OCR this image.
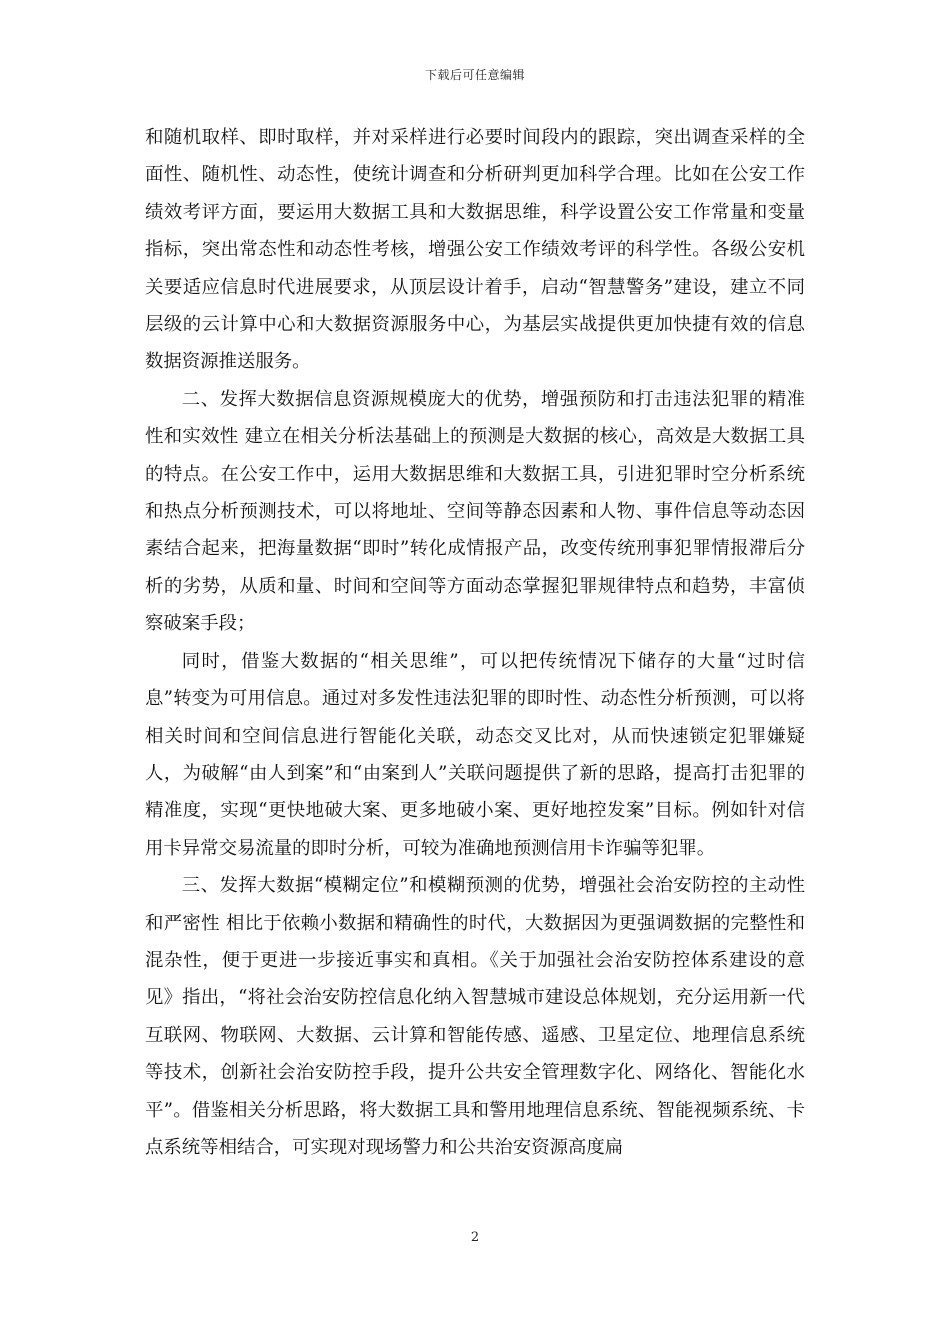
下载后可任意编辑

和随机取样、即时取样，并对采样进行必要时间段内的跟踪，突出调查采样的全面性、随机性、动态性，使统计调查和分析研判更加科学合理。比如在公安工作绩效考评方面，要运用大数据工具和大数据思维，科学设置公安工作常量和变量指标，突出常态性和动态性考核，增强公安工作绩效考评的科学性。各级公安机关要适应信息时代进展要求，从顶层设计着手，启动“智慧警务”建设，建立不同层级的云计算中心和大数据资源服务中心，为基层实战提供更加快捷有效的信息数据资源推送服务。

二、发挥大数据信息资源规模庞大的优势，增强预防和打击违法犯罪的精准性和实效性 建立在相关分析法基础上的预测是大数据的核心，高效是大数据工具的特点。在公安工作中，运用大数据思维和大数据工具，引进犯罪时空分析系统和热点分析预测技术，可以将地址、空间等静态因素和人物、事件信息等动态因素结合起来，把海量数据“即时”转化成情报产品，改变传统刑事犯罪情报滞后分析的劣势，从质和量、时间和空间等方面动态掌握犯罪规律特点和趋势，丰富侦察破案手段；

同时，借鉴大数据的“相关思维”，可以把传统情况下储存的大量“过时信息”转变为可用信息。通过对多发性违法犯罪的即时性、动态性分析预测，可以将相关时间和空间信息进行智能化关联，动态交叉比对，从而快速锁定犯罪嫌疑人，为破解“由人到案”和“由案到人”关联问题提供了新的思路，提高打击犯罪的精准度，实现“更快地破大案、更多地破小案、更好地控发案”目标。例如针对信用卡异常交易流量的即时分析，可较为准确地预测信用卡诈骗等犯罪。

三、发挥大数据“模糊定位”和模糊预测的优势，增强社会治安防控的主动性和严密性 相比于依赖小数据和精确性的时代，大数据因为更强调数据的完整性和混杂性，便于更进一步接近事实和真相。《关于加强社会治安防控体系建设的意见》指出，“将社会治安防控信息化纳入智慧城市建设总体规划，充分运用新一代互联网、物联网、大数据、云计算和智能传感、遥感、卫星定位、地理信息系统等技术，创新社会治安防控手段，提升公共安全管理数字化、网络化、智能化水平”。借鉴相关分析思路，将大数据工具和警用地理信息系统、智能视频系统、卡点系统等相结合，可实现对现场警力和公共治安资源高度扁

2
